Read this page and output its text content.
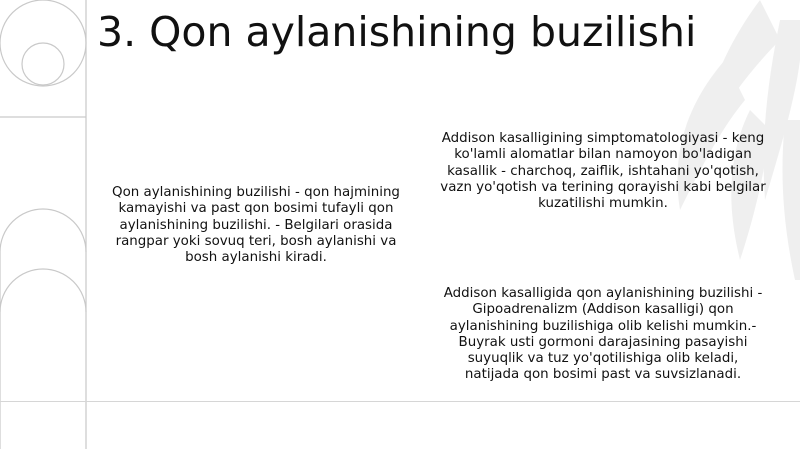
3. Qon aylanishining buzilishi

Qon aylanishining buzilishi - qon hajmining kamayishi va past qon bosimi tufayli qon aylanishining buzilishi. - Belgilari orasida rangpar yoki sovuq teri, bosh aylanishi va bosh aylanishi kiradi.

Addison kasalligining simptomatologiyasi - keng ko'lamli alomatlar bilan namoyon bo'ladigan kasallik - charchoq, zaiflik, ishtahani yo'qotish, vazn yo'qotish va terining qorayishi kabi belgilar kuzatilishi mumkin.

Addison kasalligida qon aylanishining buzilishi - Gipoadrenalizm (Addison kasalligi) qon aylanishining buzilishiga olib kelishi mumkin.- Buyrak usti gormoni darajasining pasayishi suyuqlik va tuz yo'qotilishiga olib keladi, natijada qon bosimi past va suvsizlanadi.
